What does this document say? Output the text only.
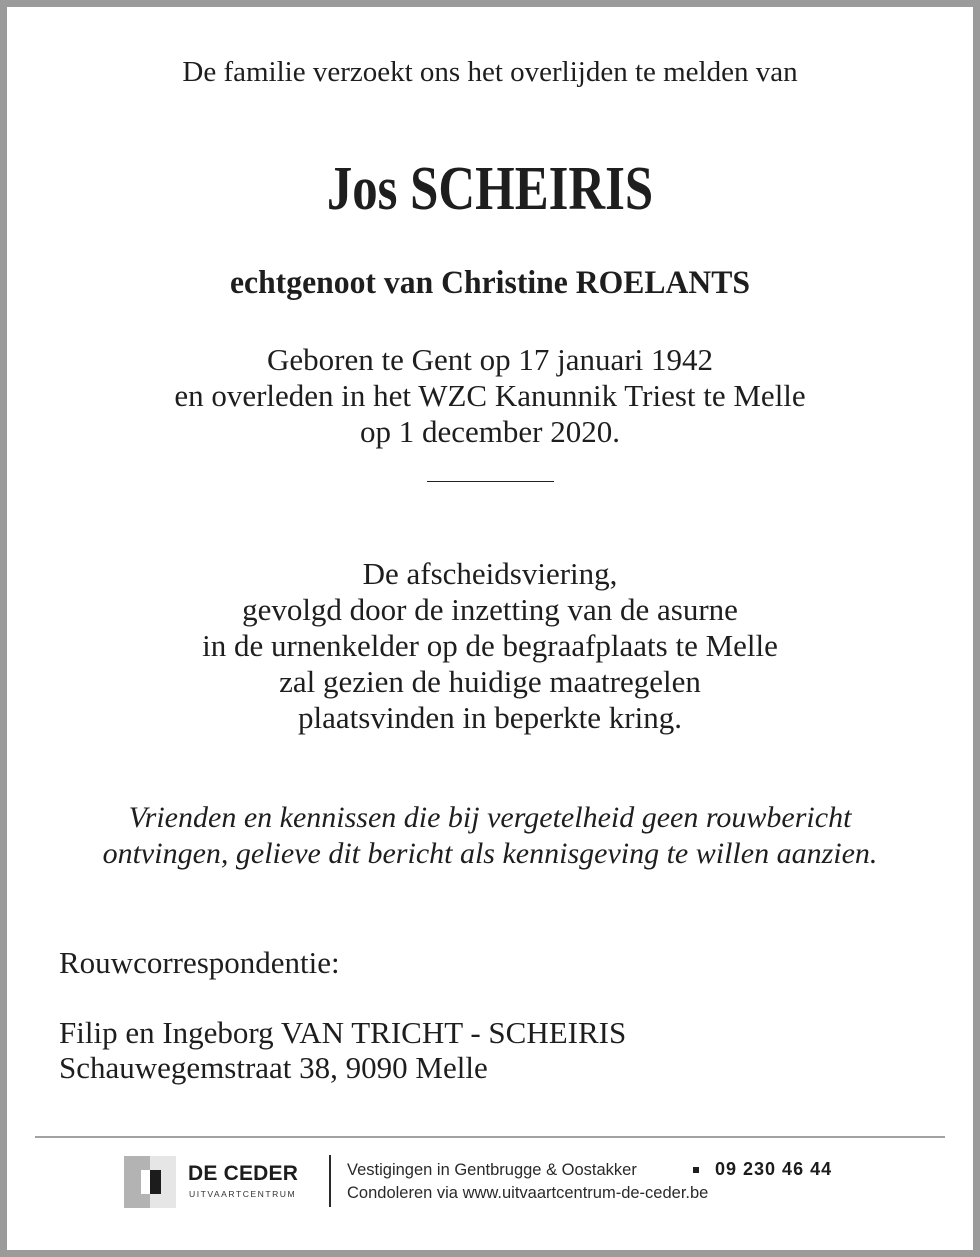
De familie verzoekt ons het overlijden te melden van
Jos SCHEIRIS
echtgenoot van Christine ROELANTS
Geboren te Gent op 17 januari 1942
en overleden in het WZC Kanunnik Triest te Melle
op 1 december 2020.
De afscheidsviering,
gevolgd door de inzetting van de asurne
in de urnenkelder op de begraafplaats te Melle
zal gezien de huidige maatregelen
plaatsvinden in beperkte kring.
Vrienden en kennissen die bij vergetelheid geen rouwbericht
ontvingen, gelieve dit bericht als kennisgeving te willen aanzien.
Rouwcorrespondentie:
Filip en Ingeborg VAN TRICHT - SCHEIRIS
Schauwegemstraat 38, 9090 Melle
DE CEDER
UITVAARTCENTRUM
Vestigingen in Gentbrugge & Oostakker	09 230 46 44
Condoleren via www.uitvaartcentrum-de-ceder.be
